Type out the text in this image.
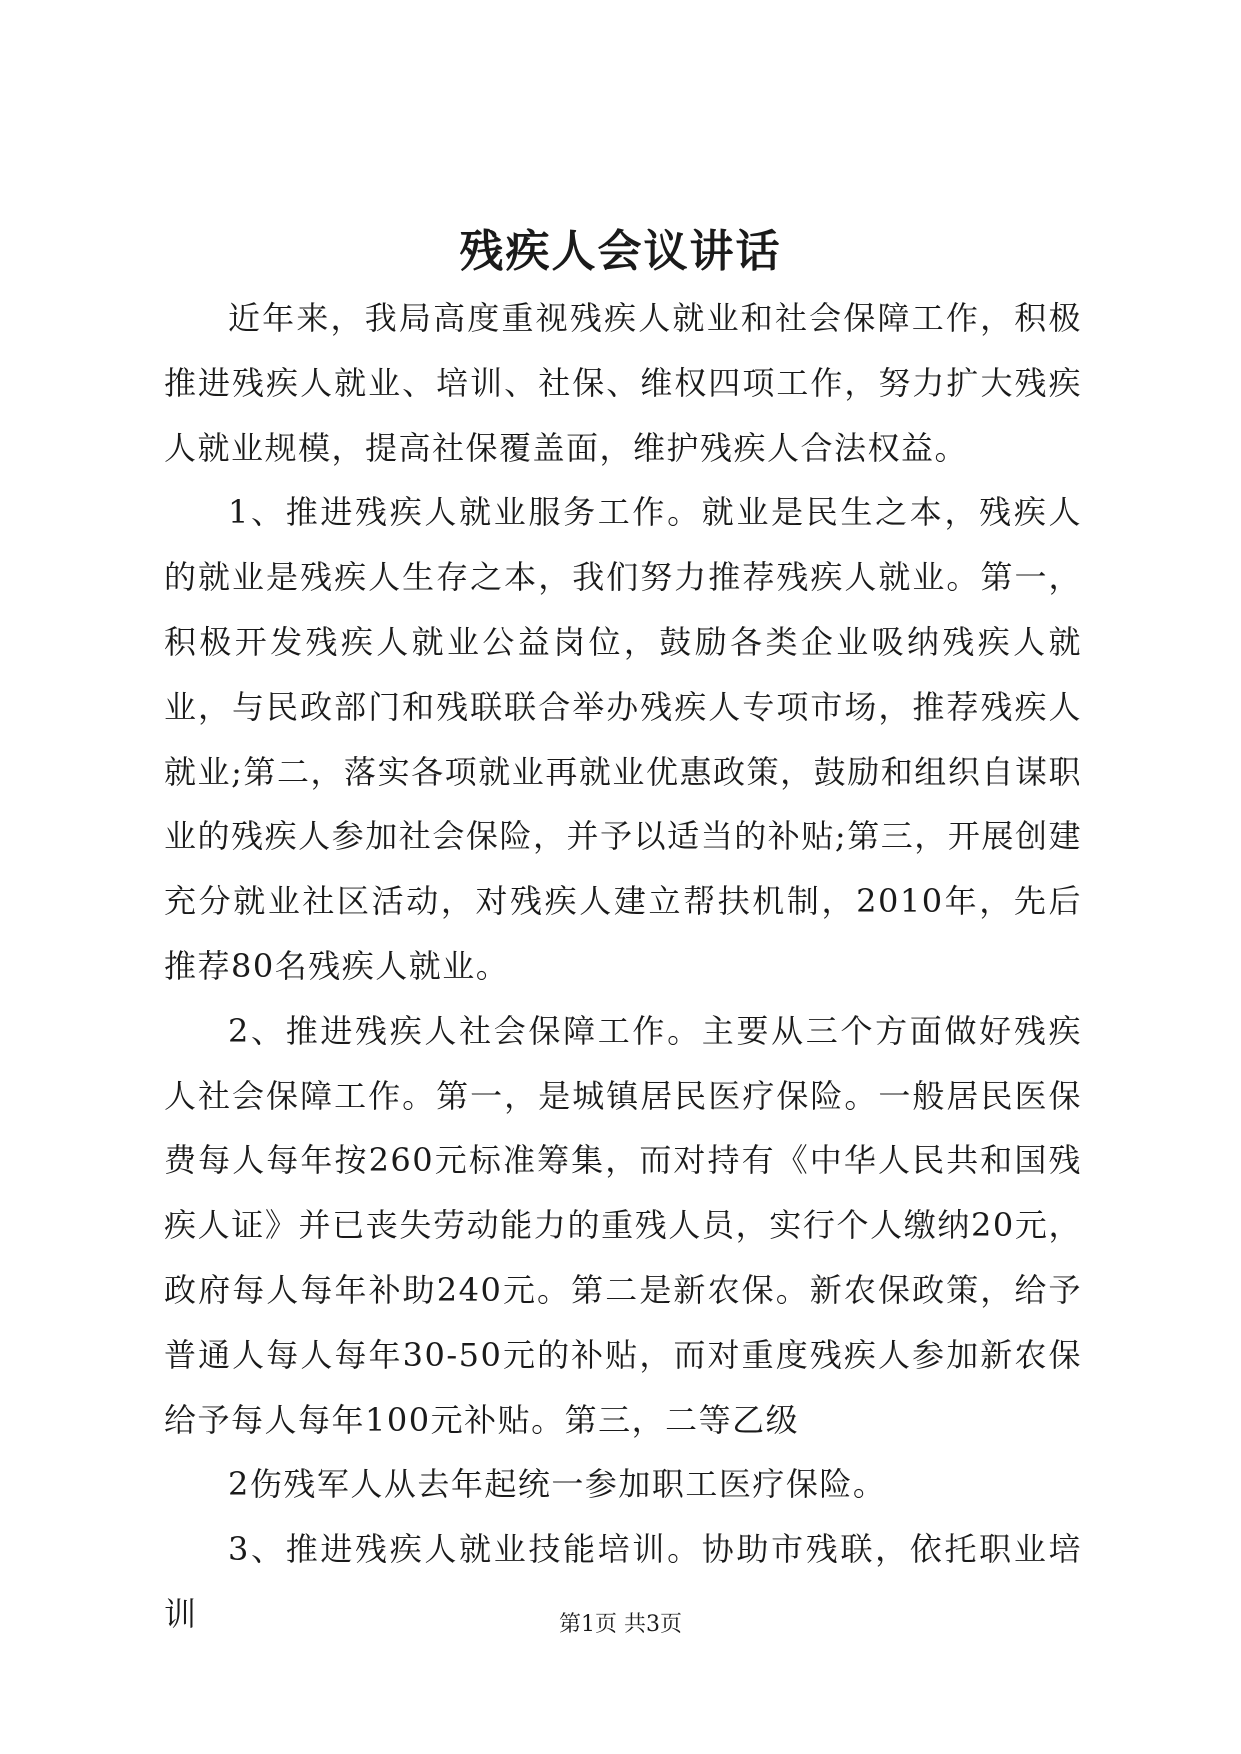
残疾人会议讲话

近年来，我局高度重视残疾人就业和社会保障工作，积极推进残疾人就业、培训、社保、维权四项工作，努力扩大残疾人就业规模，提高社保覆盖面，维护残疾人合法权益。

1、推进残疾人就业服务工作。就业是民生之本，残疾人的就业是残疾人生存之本，我们努力推荐残疾人就业。第一，积极开发残疾人就业公益岗位，鼓励各类企业吸纳残疾人就业，与民政部门和残联联合举办残疾人专项市场，推荐残疾人就业;第二，落实各项就业再就业优惠政策，鼓励和组织自谋职业的残疾人参加社会保险，并予以适当的补贴;第三，开展创建充分就业社区活动，对残疾人建立帮扶机制，2010年，先后推荐80名残疾人就业。

2、推进残疾人社会保障工作。主要从三个方面做好残疾人社会保障工作。第一，是城镇居民医疗保险。一般居民医保费每人每年按260元标准筹集，而对持有《中华人民共和国残疾人证》并已丧失劳动能力的重残人员，实行个人缴纳20元，政府每人每年补助240元。第二是新农保。新农保政策，给予普通人每人每年30-50元的补贴，而对重度残疾人参加新农保给予每人每年100元补贴。第三，二等乙级

2伤残军人从去年起统一参加职工医疗保险。

3、推进残疾人就业技能培训。协助市残联，依托职业培训	第1页 共3页
